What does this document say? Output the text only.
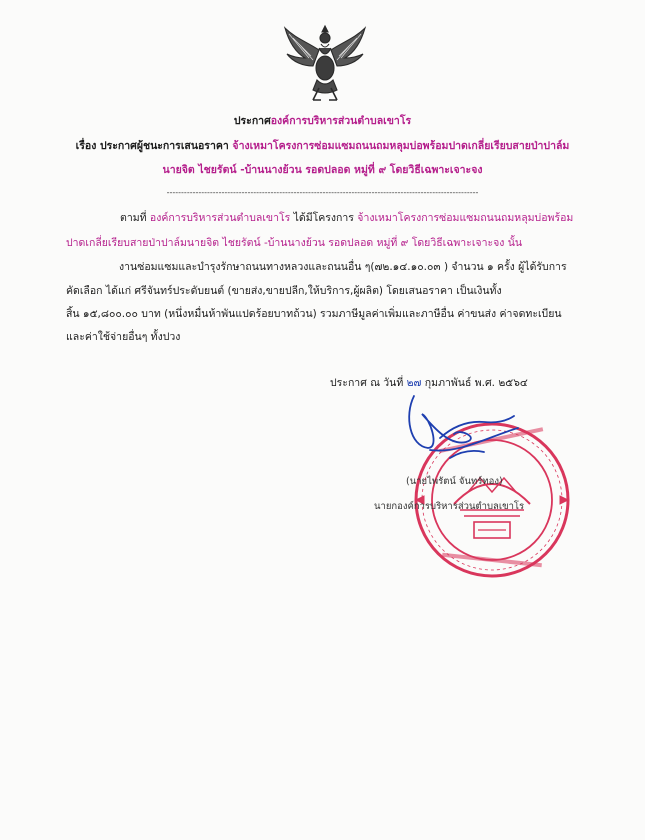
ประกาศองค์การบริหารส่วนตำบลเขาโร
เรื่อง ประกาศผู้ชนะการเสนอราคา จ้างเหมาโครงการซ่อมแซมถนนถมหลุมบ่อพร้อมปาดเกลี่ยเรียบสายป่าปาล์ม
นายจิต ไชยรัตน์ -บ้านนางย้วน รอดปลอด หมู่ที่ ๙ โดยวิธีเฉพาะเจาะจง
------------------------------------------------------------------------------------------------------------
ตามที่ องค์การบริหารส่วนตำบลเขาโร ได้มีโครงการ จ้างเหมาโครงการซ่อมแซมถนนถมหลุมบ่อพร้อม
ปาดเกลี่ยเรียบสายป่าปาล์มนายจิต ไชยรัตน์ -บ้านนางย้วน รอดปลอด หมู่ที่ ๙ โดยวิธีเฉพาะเจาะจง นั้น
งานซ่อมแซมและบำรุงรักษาถนนทางหลวงและถนนอื่น ๆ(๗๒.๑๔.๑๐.๐๓ ) จำนวน ๑ ครั้ง ผู้ได้รับการ
คัดเลือก ได้แก่ ศรีจันทร์ประดับยนต์ (ขายส่ง,ขายปลีก,ให้บริการ,ผู้ผลิต) โดยเสนอราคา เป็นเงินทั้ง
สิ้น ๑๕,๘๐๐.๐๐ บาท (หนึ่งหมื่นห้าพันแปดร้อยบาทถ้วน) รวมภาษีมูลค่าเพิ่มและภาษีอื่น ค่าขนส่ง ค่าจดทะเบียน
และค่าใช้จ่ายอื่นๆ ทั้งปวง
ประกาศ ณ วันที่ ๒๗ กุมภาพันธ์ พ.ศ. ๒๕๖๔
(นายไพรัตน์ จันทร์ทอง)
นายกองค์การบริหารส่วนตำบลเขาโร
